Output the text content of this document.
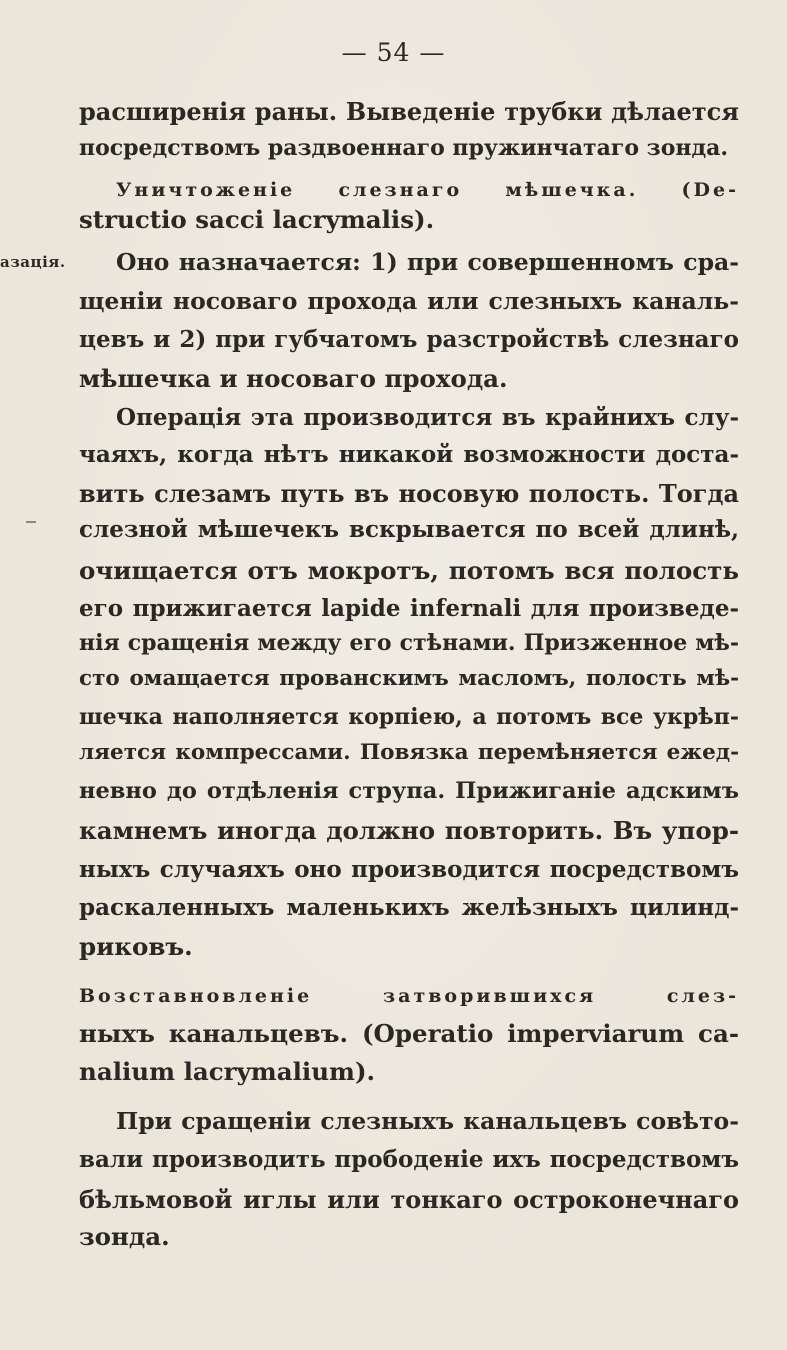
— 54 —
азація.
расширенія раны. Выведеніе трубки дѣлается
посредствомъ раздвоеннаго пружинчатаго зонда.
Уничтоженіе слезнаго мѣшечка. (De-
structio sacci lacrymalis).
Оно назначается: 1) при совершенномъ сра-
щеніи носоваго прохода или слезныхъ каналь-
цевъ и 2) при губчатомъ разстройствѣ слезнаго
мѣшечка и носоваго прохода.
Операція эта производится въ крайнихъ слу-
чаяхъ, когда нѣтъ никакой возможности доста-
вить слезамъ путь въ носовую полость. Тогда
слезной мѣшечекъ вскрывается по всей длинѣ,
очищается отъ мокротъ, потомъ вся полость
его прижигается lapide infernali для произведе-
нія сращенія между его стѣнами. Призженное мѣ-
сто омащается прованскимъ масломъ, полость мѣ-
шечка наполняется корпіею, а потомъ все укрѣп-
ляется компрессами. Повязка перемѣняется ежед-
невно до отдѣленія струпа. Прижиганіе адскимъ
камнемъ иногда должно повторить. Въ упор-
ныхъ случаяхъ оно производится посредствомъ
раскаленныхъ маленькихъ желѣзныхъ цилинд-
риковъ.
Возставновленіе затворившихся слез-
ныхъ канальцевъ. (Operatio imperviarum ca-
nalium lacrymalium).
При сращеніи слезныхъ канальцевъ совѣто-
вали производить прободеніе ихъ посредствомъ
бѣльмовой иглы или тонкаго остроконечнаго
зонда.
